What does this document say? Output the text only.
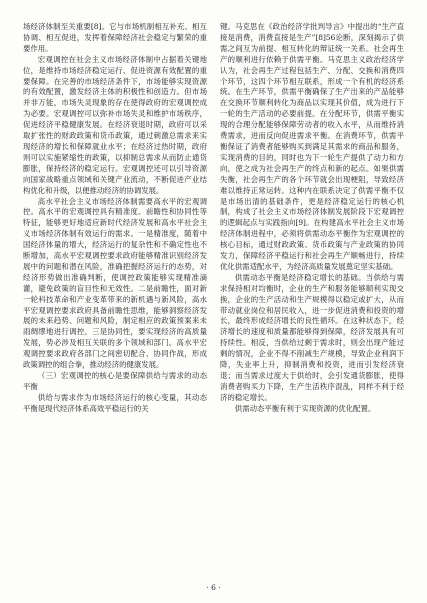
场经济体制至关重要[8]。它与市场机制相互补充、相互协调、相互促进，发挥着保障经济社会稳定与繁荣的重要作用。

宏观调控在社会主义市场经济体制中占据着关键地位，是维持市场经济稳定运行、促进资源有效配置的重要保障。在完善的市场经济条件下，市场能够实现资源的有效配置，激发经济主体的积极性和创造力。但市场并非万能，市场失灵现象的存在使得政府的宏观调控成为必要。宏观调控可以弥补市场失灵和维护市场秩序，促进经济平稳健康发展。在经济衰退时期，政府可以采取扩张性的财政政策和货币政策，通过刺激总需求来实现经济的增长和保障就业水平；在经济过热时期，政府则可以实施紧缩性的政策，以抑制总需求从而防止通货膨胀，保持经济的稳定运行。宏观调控还可以引导资源向国家战略重点领域和关键产业流动，不断促进产业结构优化和升级，以便推动经济的协调发展。

高水平社会主义市场经济体制需要高水平的宏观调控。高水平的宏观调控具有精准度、前瞻性和协同性等特征，能够更好地适应新时代经济发展和高水平社会主义市场经济体制有效运行的需求。一是精准度，随着中国经济体量的增大，经济运行的复杂性和不确定性也不断增加，高水平宏观调控要求政府能够精准识别经济发展中的问题和潜在风险，准确把握经济运行的态势，对经济形势做出准确判断，使调控政策能够实现精准滴灌，避免政策的盲目性和无效性。二是前瞻性，面对新一轮科技革命和产业变革带来的新机遇与新风险，高水平宏观调控要求政府具备前瞻性思维，能够洞察经济发展的未来趋势、问题和风险，制定相应的政策预案来未雨绸缪地进行调控。三是协同性，要实现经济的高质量发展，势必涉及相互关联的多个领域和部门。高水平宏观调控要求政府各部门之间密切配合、协同作战，形成政策调控的组合拳，推动经济的健康发展。

（三）宏观调控的核心是要保障供给与需求的动态平衡

供给与需求作为市场经济运行的核心变量，其动态平衡是现代经济体系高效平稳运行的关

键。马克思在《政治经济学批判导言》中提出的“生产直接是消费，消费直接是生产”[8]56论断，深刻揭示了供需之间互为前提、相互转化的辩证统一关系。社会再生产的顺利进行依赖于供需平衡。马克思主义政治经济学认为，社会再生产过程包括生产、分配、交换和消费四个环节，这四个环节相互联系，形成一个有机的经济系统。在生产环节，供需平衡确保了生产出来的产品能够在交换环节顺利转化为商品以实现其价值，成为进行下一轮的生产活动的必要前提。在分配环节，供需平衡实现的合理分配能够保障劳动者的收入水平，从而维持消费需求，进而反向促进需求平衡。在消费环节，供需平衡保证了消费者能够购买到满足其需求的商品和服务，实现消费的目的，同时也为下一轮生产提供了动力和方向，使之成为社会再生产的终点和新的起点。如果供需失衡，社会再生产的各个环节就会出现梗阻，导致经济难以维持正常运转。这种内在联系决定了供需平衡不仅是市场出清的基础条件，更是经济稳定运行的核心机制，构成了社会主义市场经济体制发展阶段下宏观调控的逻辑起点与实践指向[9]。在构建高水平社会主义市场经济体制进程中，必须将供需动态平衡作为宏观调控的核心目标，通过财政政策、货币政策与产业政策的协同发力，保障经济平稳运行和社会再生产顺畅进行，持续优化供需适配水平，为经济高质量发展奠定坚实基础。

供需动态平衡是经济稳定增长的基础。当供给与需求保持相对均衡时，企业的生产和服务能够顺利实现交换，企业的生产活动和生产规模得以稳定或扩大，从而带动就业岗位和居民收入，进一步促进消费和投资的增长，最终形成经济增长的良性循环。在这种状态下，经济增长的速度和质量都能够得到保障，经济发展具有可持续性。相反，当供给过剩于需求时，则会出现产能过剩的情况，企业不得不削减生产规模，导致企业利润下降，失业率上升，抑制消费和投资，进而引发经济衰退；而当需求过度大于供给时，会引发通货膨胀，使得消费者购买力下降，生产生活秩序混乱，同样不利于经济的稳定增长。

供需动态平衡有利于实现资源的优化配置。

· 6 ·
